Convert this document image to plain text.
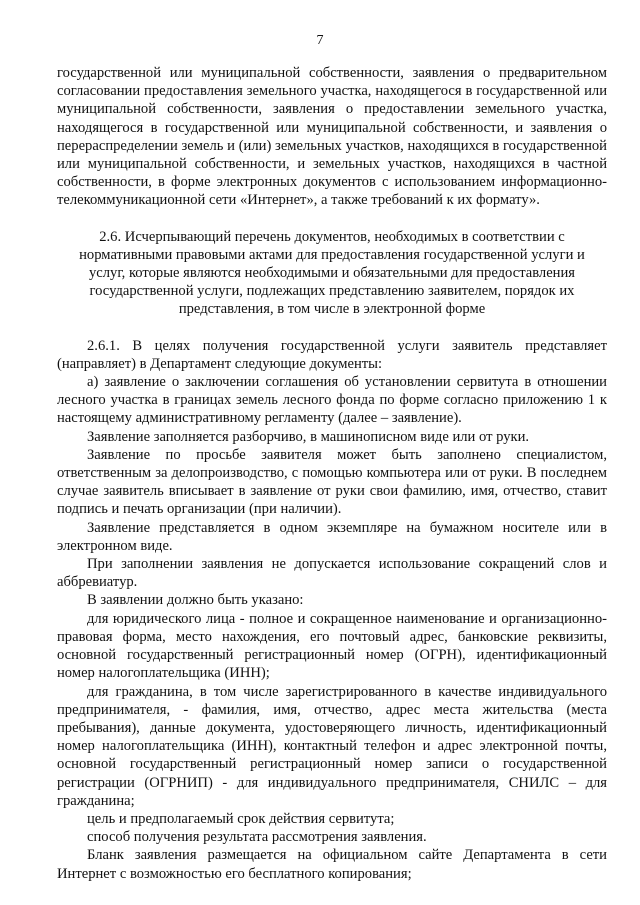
7

государственной или муниципальной собственности, заявления о предварительном согласовании предоставления земельного участка, находящегося в государственной или муниципальной собственности, заявления о предоставлении земельного участка, находящегося в государственной или муниципальной собственности, и заявления о перераспределении земель и (или) земельных участков, находящихся в государственной или муниципальной собственности, и земельных участков, находящихся в частной собственности, в форме электронных документов с использованием информационно-телекоммуникационной сети «Интернет», а также требований к их формату».

2.6. Исчерпывающий перечень документов, необходимых в соответствии с нормативными правовыми актами для предоставления государственной услуги и услуг, которые являются необходимыми и обязательными для предоставления государственной услуги, подлежащих представлению заявителем, порядок их представления, в том числе в электронной форме

2.6.1. В целях получения государственной услуги заявитель представляет (направляет) в Департамент следующие документы:

а) заявление о заключении соглашения об установлении сервитута в отношении лесного участка в границах земель лесного фонда по форме согласно приложению 1 к настоящему административному регламенту (далее – заявление).

Заявление заполняется разборчиво, в машинописном виде или от руки.

Заявление по просьбе заявителя может быть заполнено специалистом, ответственным за делопроизводство, с помощью компьютера или от руки. В последнем случае заявитель вписывает в заявление от руки свои фамилию, имя, отчество, ставит подпись и печать организации (при наличии).

Заявление представляется в одном экземпляре на бумажном носителе или в электронном виде.

При заполнении заявления не допускается использование сокращений слов и аббревиатур.

В заявлении должно быть указано:

для юридического лица - полное и сокращенное наименование и организационно-правовая форма, место нахождения, его почтовый адрес, банковские реквизиты, основной государственный регистрационный номер (ОГРН), идентификационный номер налогоплательщика (ИНН);

для гражданина, в том числе зарегистрированного в качестве индивидуального предпринимателя, - фамилия, имя, отчество, адрес места жительства (места пребывания), данные документа, удостоверяющего личность, идентификационный номер налогоплательщика (ИНН), контактный телефон и адрес электронной почты, основной государственный регистрационный номер записи о государственной регистрации (ОГРНИП) - для индивидуального предпринимателя, СНИЛС – для гражданина;

цель и предполагаемый срок действия сервитута;

способ получения результата рассмотрения заявления.

Бланк заявления размещается на официальном сайте Департамента в сети Интернет с возможностью его бесплатного копирования;
